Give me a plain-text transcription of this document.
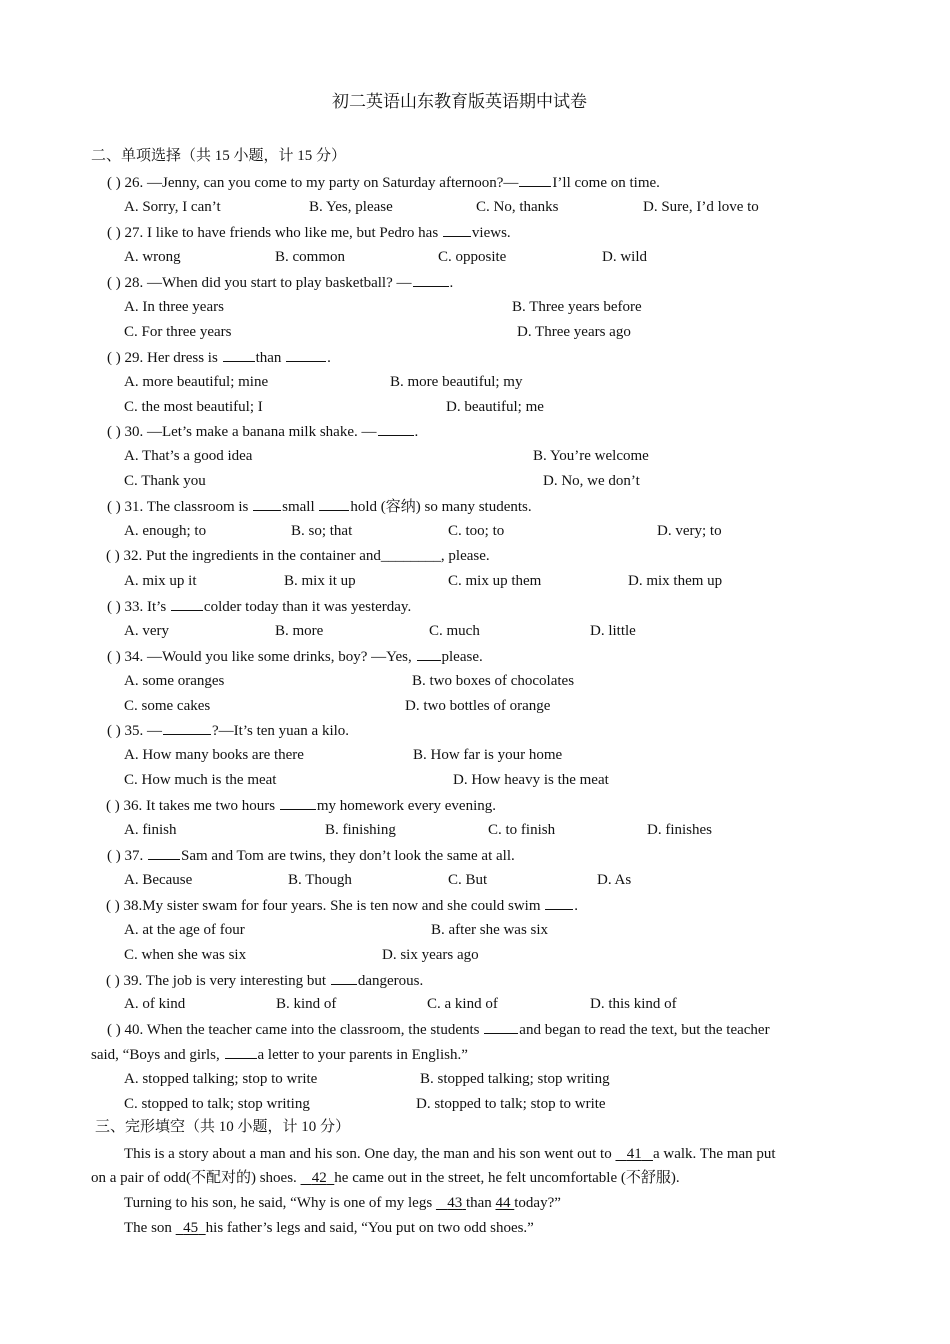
初二英语山东教育版英语期中试卷
二、单项选择（共 15 小题，计 15 分）
( ) 26. —Jenny, can you come to my party on Saturday afternoon?— I’ll come on time.
A. Sorry, I can’t	B. Yes, please	C. No, thanks	D. Sure, I’d love to
( ) 27. I like to have friends who like me, but Pedro has views.
A. wrong	B. common	C. opposite	D. wild
( ) 28. —When did you start to play basketball? —	.
A. In three years	B. Three years before
C. For three years	D. Three years ago
( ) 29. Her dress is	than	.
A. more beautiful; mine	B. more beautiful; my
C. the most beautiful; I	D. beautiful; me
( ) 30. —Let’s make a banana milk shake. —	.
A. That’s a good idea	B. You’re welcome
C. Thank you	D. No, we don’t
( ) 31. The classroom is small hold (容纳) so many students.
A. enough; to	B. so; that	C. too; to	D. very; to
( ) 32. Put the ingredients in the container and________, please.
A. mix up it	B. mix it up	C. mix up them	D. mix them up
( ) 33. It’s	colder today than it was yesterday.
A. very	B. more	C. much	D. little
( ) 34. —Would you like some drinks, boy? —Yes, please.
A. some oranges	B. two boxes of chocolates
C. some cakes	D. two bottles of orange
( ) 35. —	?—It’s ten yuan a kilo.
A. How many books are there	B. How far is your home
C. How much is the meat	D. How heavy is the meat
( ) 36. It takes me two hours	my homework every evening.
A. finish	B. finishing	C. to finish	D. finishes
( ) 37.	Sam and Tom are twins, they don’t look the same at all.
A. Because	B. Though	C. But	D. As
( ) 38.My sister swam for four years. She is ten now and she could swim .
A. at the age of four	B. after she was six
C. when she was six	D. six years ago
( ) 39. The job is very interesting but dangerous.
A. of kind	B. kind of	C. a kind of	D. this kind of
( ) 40. When the teacher came into the classroom, the students	and began to read the text, but the teacher
said, “Boys and girls,	a letter to your parents in English.”
A. stopped talking; stop to write	B. stopped talking; stop writing
C. stopped to talk; stop writing	D. stopped to talk; stop to write
三、完形填空（共 10 小题，计 10 分）
This is a story about a man and his son. One day, the man and his son went out to 41 a walk. The man put
on a pair of odd(不配对的) shoes. 42 he came out in the street, he felt uncomfortable (不舒服).
Turning to his son, he said, “Why is one of my legs 43 than 44 today?”
The son 45 his father’s legs and said, “You put on two odd shoes.”
